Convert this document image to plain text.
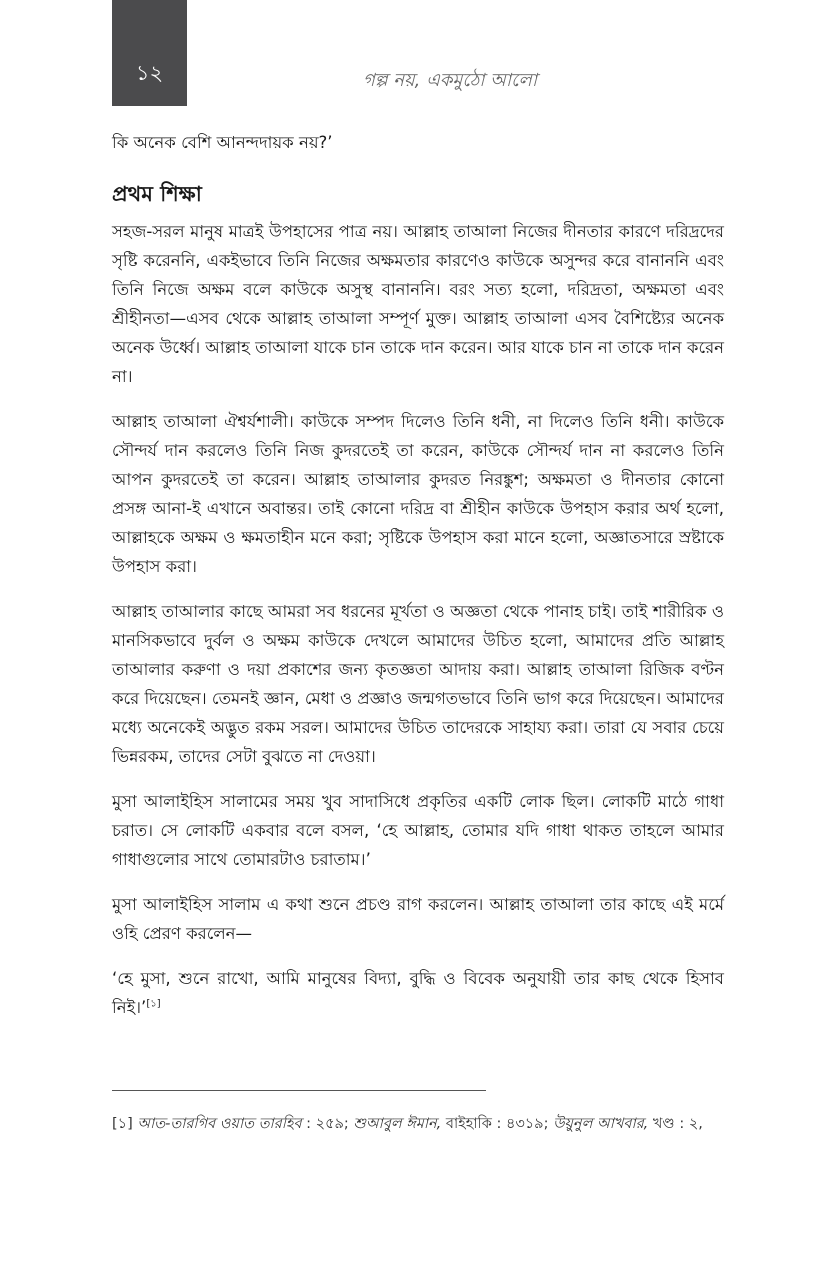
১২	গল্প নয়, একমুঠো আলো

কি অনেক বেশি আনন্দদায়ক নয়?’

প্রথম শিক্ষা

সহজ-সরল মানুষ মাত্রই উপহাসের পাত্র নয়। আল্লাহ তাআলা নিজের দীনতার কারণে দরিদ্রদের সৃষ্টি করেননি, একইভাবে তিনি নিজের অক্ষমতার কারণেও কাউকে অসুন্দর করে বানাননি এবং তিনি নিজে অক্ষম বলে কাউকে অসুস্থ বানাননি। বরং সত্য হলো, দরিদ্রতা, অক্ষমতা এবং শ্রীহীনতা—এসব থেকে আল্লাহ তাআলা সম্পূর্ণ মুক্ত। আল্লাহ তাআলা এসব বৈশিষ্ট্যের অনেক অনেক উর্ধ্বে। আল্লাহ তাআলা যাকে চান তাকে দান করেন। আর যাকে চান না তাকে দান করেন না।

আল্লাহ তাআলা ঐশ্বর্যশালী। কাউকে সম্পদ দিলেও তিনি ধনী, না দিলেও তিনি ধনী। কাউকে সৌন্দর্য দান করলেও তিনি নিজ কুদরতেই তা করেন, কাউকে সৌন্দর্য দান না করলেও তিনি আপন কুদরতেই তা করেন। আল্লাহ তাআলার কুদরত নিরঙ্কুশ; অক্ষমতা ও দীনতার কোনো প্রসঙ্গ আনা-ই এখানে অবান্তর। তাই কোনো দরিদ্র বা শ্রীহীন কাউকে উপহাস করার অর্থ হলো, আল্লাহকে অক্ষম ও ক্ষমতাহীন মনে করা; সৃষ্টিকে উপহাস করা মানে হলো, অজ্ঞাতসারে স্রষ্টাকে উপহাস করা।

আল্লাহ তাআলার কাছে আমরা সব ধরনের মূর্খতা ও অজ্ঞতা থেকে পানাহ চাই। তাই শারীরিক ও মানসিকভাবে দুর্বল ও অক্ষম কাউকে দেখলে আমাদের উচিত হলো, আমাদের প্রতি আল্লাহ তাআলার করুণা ও দয়া প্রকাশের জন্য কৃতজ্ঞতা আদায় করা। আল্লাহ তাআলা রিজিক বণ্টন করে দিয়েছেন। তেমনই জ্ঞান, মেধা ও প্রজ্ঞাও জন্মগতভাবে তিনি ভাগ করে দিয়েছেন। আমাদের মধ্যে অনেকেই অদ্ভুত রকম সরল। আমাদের উচিত তাদেরকে সাহায্য করা। তারা যে সবার চেয়ে ভিন্নরকম, তাদের সেটা বুঝতে না দেওয়া।

মুসা আলাইহিস সালামের সময় খুব সাদাসিধে প্রকৃতির একটি লোক ছিল। লোকটি মাঠে গাধা চরাত। সে লোকটি একবার বলে বসল, ‘হে আল্লাহ, তোমার যদি গাধা থাকত তাহলে আমার গাধাগুলোর সাথে তোমারটাও চরাতাম।’

মুসা আলাইহিস সালাম এ কথা শুনে প্রচণ্ড রাগ করলেন। আল্লাহ তাআলা তার কাছে এই মর্মে ওহি প্রেরণ করলেন—

‘হে মুসা, শুনে রাখো, আমি মানুষের বিদ্যা, বুদ্ধি ও বিবেক অনুযায়ী তার কাছ থেকে হিসাব নিই।’[১]

[১] আত-তারগিব ওয়াত তারহিব : ২৫৯; শুআবুল ঈমান, বাইহাকি : ৪৩১৯; উয়ুনুল আখবার, খণ্ড : ২,
